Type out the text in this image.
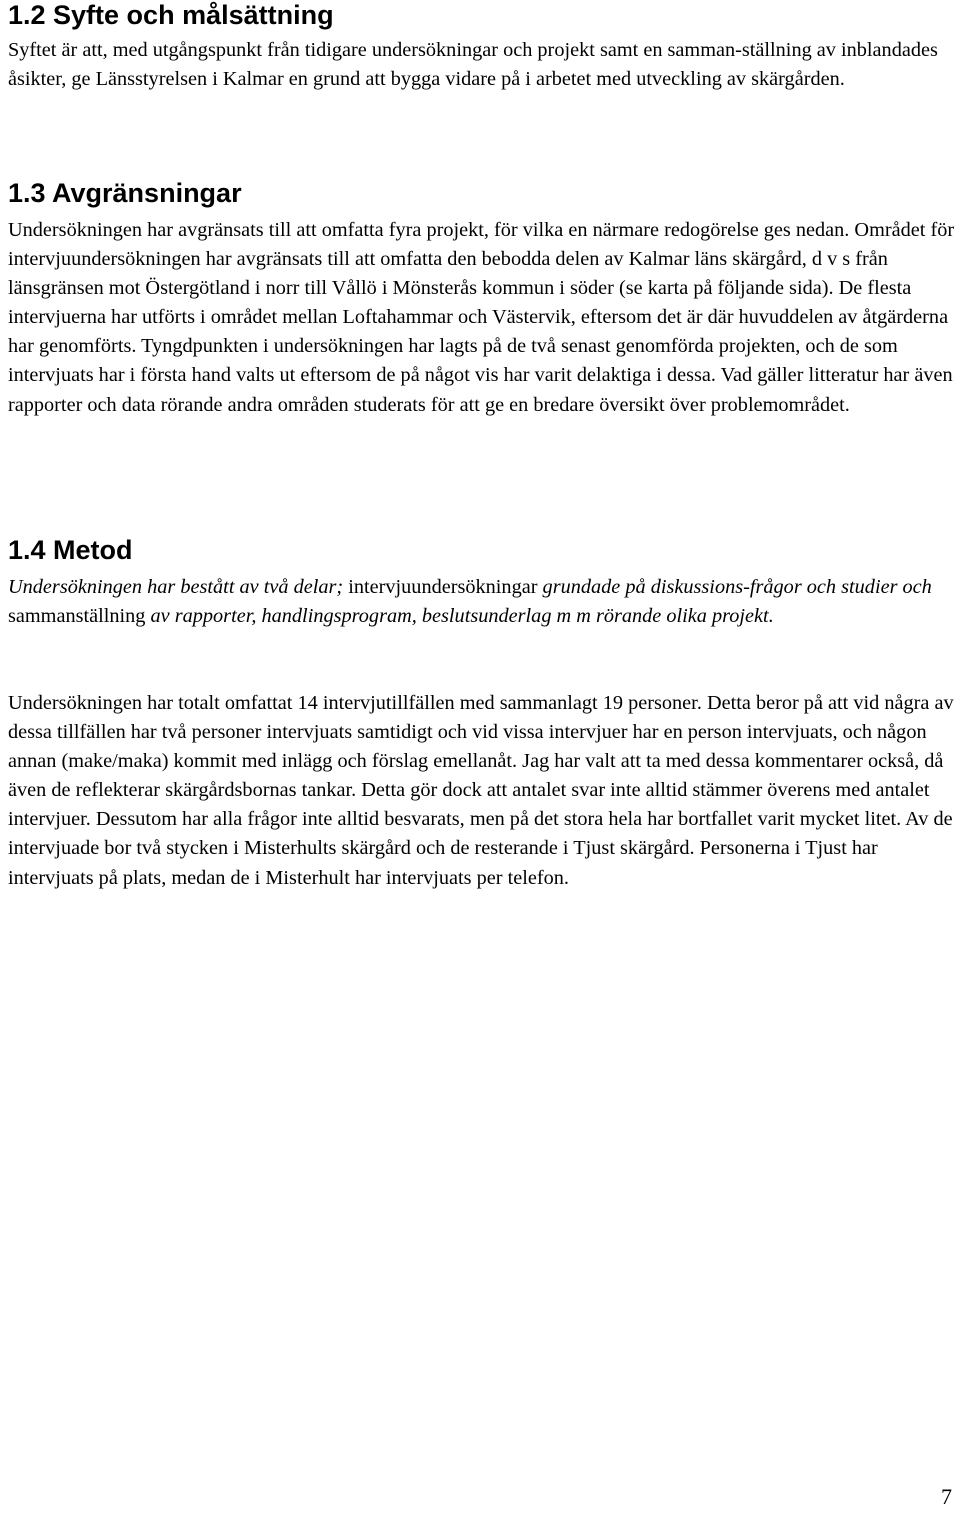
1.2 Syfte och målsättning

Syftet är att, med utgångspunkt från tidigare undersökningar och projekt samt en samman-ställning av inblandades åsikter, ge Länsstyrelsen i Kalmar en grund att bygga vidare på i arbetet med utveckling av skärgården.

1.3 Avgränsningar

Undersökningen har avgränsats till att omfatta fyra projekt, för vilka en närmare redogörelse ges nedan. Området för intervjuundersökningen har avgränsats till att omfatta den bebodda delen av Kalmar läns skärgård, d v s från länsgränsen mot Östergötland i norr till Vållö i Mönsterås kommun i söder (se karta på följande sida). De flesta intervjuerna har utförts i området mellan Loftahammar och Västervik, eftersom det är där huvuddelen av åtgärderna har genomförts. Tyngdpunkten i undersökningen har lagts på de två senast genomförda projekten, och de som intervjuats har i första hand valts ut eftersom de på något vis har varit delaktiga i dessa. Vad gäller litteratur har även rapporter och data rörande andra områden studerats för att ge en bredare översikt över problemområdet.

1.4 Metod

Undersökningen har bestått av två delar; intervjuundersökningar grundade på diskussions-frågor och studier och sammanställning av rapporter, handlingsprogram, beslutsunderlag m m rörande olika projekt.

Undersökningen har totalt omfattat 14 intervjutillfällen med sammanlagt 19 personer. Detta beror på att vid några av dessa tillfällen har två personer intervjuats samtidigt och vid vissa intervjuer har en person intervjuats, och någon annan (make/maka) kommit med inlägg och förslag emellanåt. Jag har valt att ta med dessa kommentarer också, då även de reflekterar skärgårdsbornas tankar. Detta gör dock att antalet svar inte alltid stämmer överens med antalet intervjuer. Dessutom har alla frågor inte alltid besvarats, men på det stora hela har bortfallet varit mycket litet. Av de intervjuade bor två stycken i Misterhults skärgård och de resterande i Tjust skärgård. Personerna i Tjust har intervjuats på plats, medan de i Misterhult har intervjuats per telefon.

7
